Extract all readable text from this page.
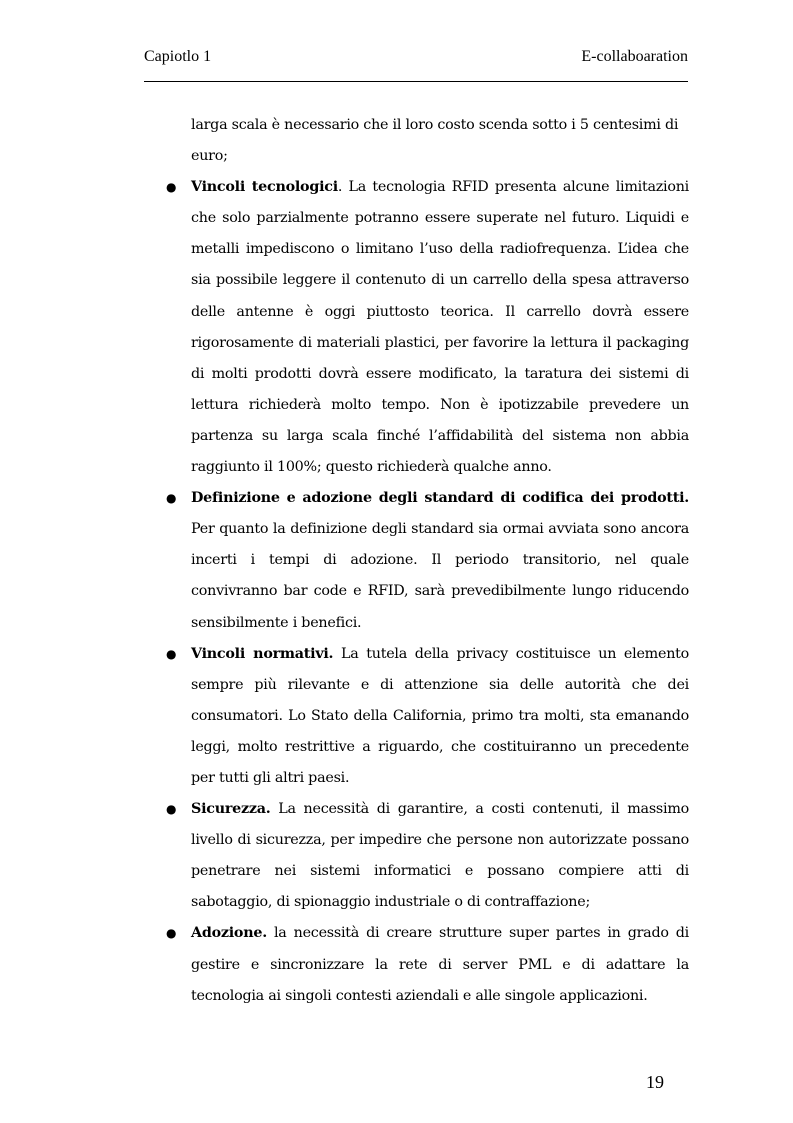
Capiotlo 1	E-collaboaration
larga scala è necessario che il loro costo scenda sotto i 5 centesimi di
euro;
● Vincoli tecnologici. La tecnologia RFID presenta alcune limitazioni che solo parzialmente potranno essere superate nel futuro. Liquidi e metalli impediscono o limitano l’uso della radiofrequenza. L’idea che sia possibile leggere il contenuto di un carrello della spesa attraverso delle antenne è oggi piuttosto teorica. Il carrello dovrà essere rigorosamente di materiali plastici, per favorire la lettura il packaging di molti prodotti dovrà essere modificato, la taratura dei sistemi di lettura richiederà molto tempo. Non è ipotizzabile prevedere un partenza su larga scala finché l’affidabilità del sistema non abbia raggiunto il 100%; questo richiederà qualche anno.
● Definizione e adozione degli standard di codifica dei prodotti. Per quanto la definizione degli standard sia ormai avviata sono ancora incerti i tempi di adozione. Il periodo transitorio, nel quale convivranno bar code e RFID, sarà prevedibilmente lungo riducendo sensibilmente i benefici.
● Vincoli normativi. La tutela della privacy costituisce un elemento sempre più rilevante e di attenzione sia delle autorità che dei consumatori. Lo Stato della California, primo tra molti, sta emanando leggi, molto restrittive a riguardo, che costituiranno un precedente per tutti gli altri paesi.
● Sicurezza. La necessità di garantire, a costi contenuti, il massimo livello di sicurezza, per impedire che persone non autorizzate possano penetrare nei sistemi informatici e possano compiere atti di sabotaggio, di spionaggio industriale o di contraffazione;
● Adozione. la necessità di creare strutture super partes in grado di gestire e sincronizzare la rete di server PML e di adattare la tecnologia ai singoli contesti aziendali e alle singole applicazioni.
19
